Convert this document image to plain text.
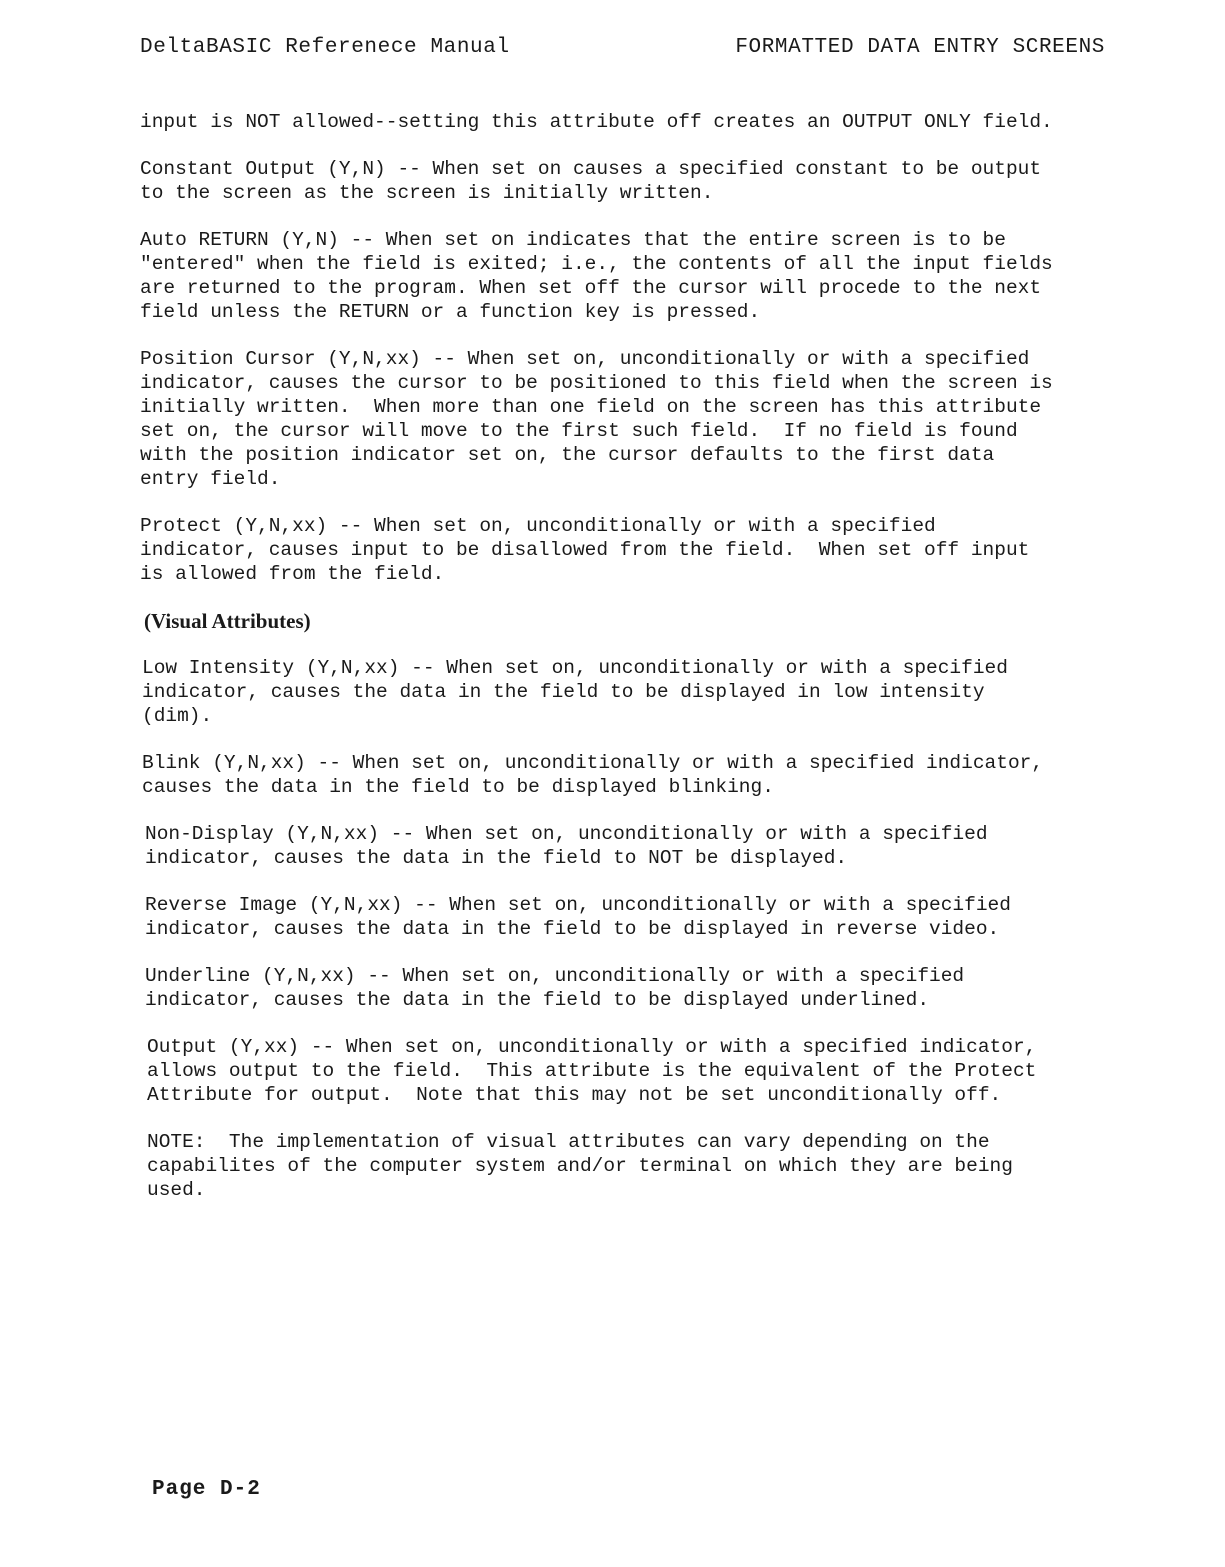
DeltaBASIC Referenece Manual	FORMATTED DATA ENTRY SCREENS

input is NOT allowed--setting this attribute off creates an OUTPUT ONLY field.

Constant Output (Y,N) -- When set on causes a specified constant to be output
to the screen as the screen is initially written.

Auto RETURN (Y,N) -- When set on indicates that the entire screen is to be
"entered" when the field is exited; i.e., the contents of all the input fields
are returned to the program. When set off the cursor will procede to the next
field unless the RETURN or a function key is pressed.

Position Cursor (Y,N,xx) -- When set on, unconditionally or with a specified
indicator, causes the cursor to be positioned to this field when the screen is
initially written.  When more than one field on the screen has this attribute
set on, the cursor will move to the first such field.  If no field is found
with the position indicator set on, the cursor defaults to the first data
entry field.

Protect (Y,N,xx) -- When set on, unconditionally or with a specified
indicator, causes input to be disallowed from the field.  When set off input
is allowed from the field.

(Visual Attributes)

Low Intensity (Y,N,xx) -- When set on, unconditionally or with a specified
indicator, causes the data in the field to be displayed in low intensity
(dim).

Blink (Y,N,xx) -- When set on, unconditionally or with a specified indicator,
causes the data in the field to be displayed blinking.

Non-Display (Y,N,xx) -- When set on, unconditionally or with a specified
indicator, causes the data in the field to NOT be displayed.

Reverse Image (Y,N,xx) -- When set on, unconditionally or with a specified
indicator, causes the data in the field to be displayed in reverse video.

Underline (Y,N,xx) -- When set on, unconditionally or with a specified
indicator, causes the data in the field to be displayed underlined.

Output (Y,xx) -- When set on, unconditionally or with a specified indicator,
allows output to the field.  This attribute is the equivalent of the Protect
Attribute for output.  Note that this may not be set unconditionally off.

NOTE:  The implementation of visual attributes can vary depending on the
capabilites of the computer system and/or terminal on which they are being
used.

Page D-2
